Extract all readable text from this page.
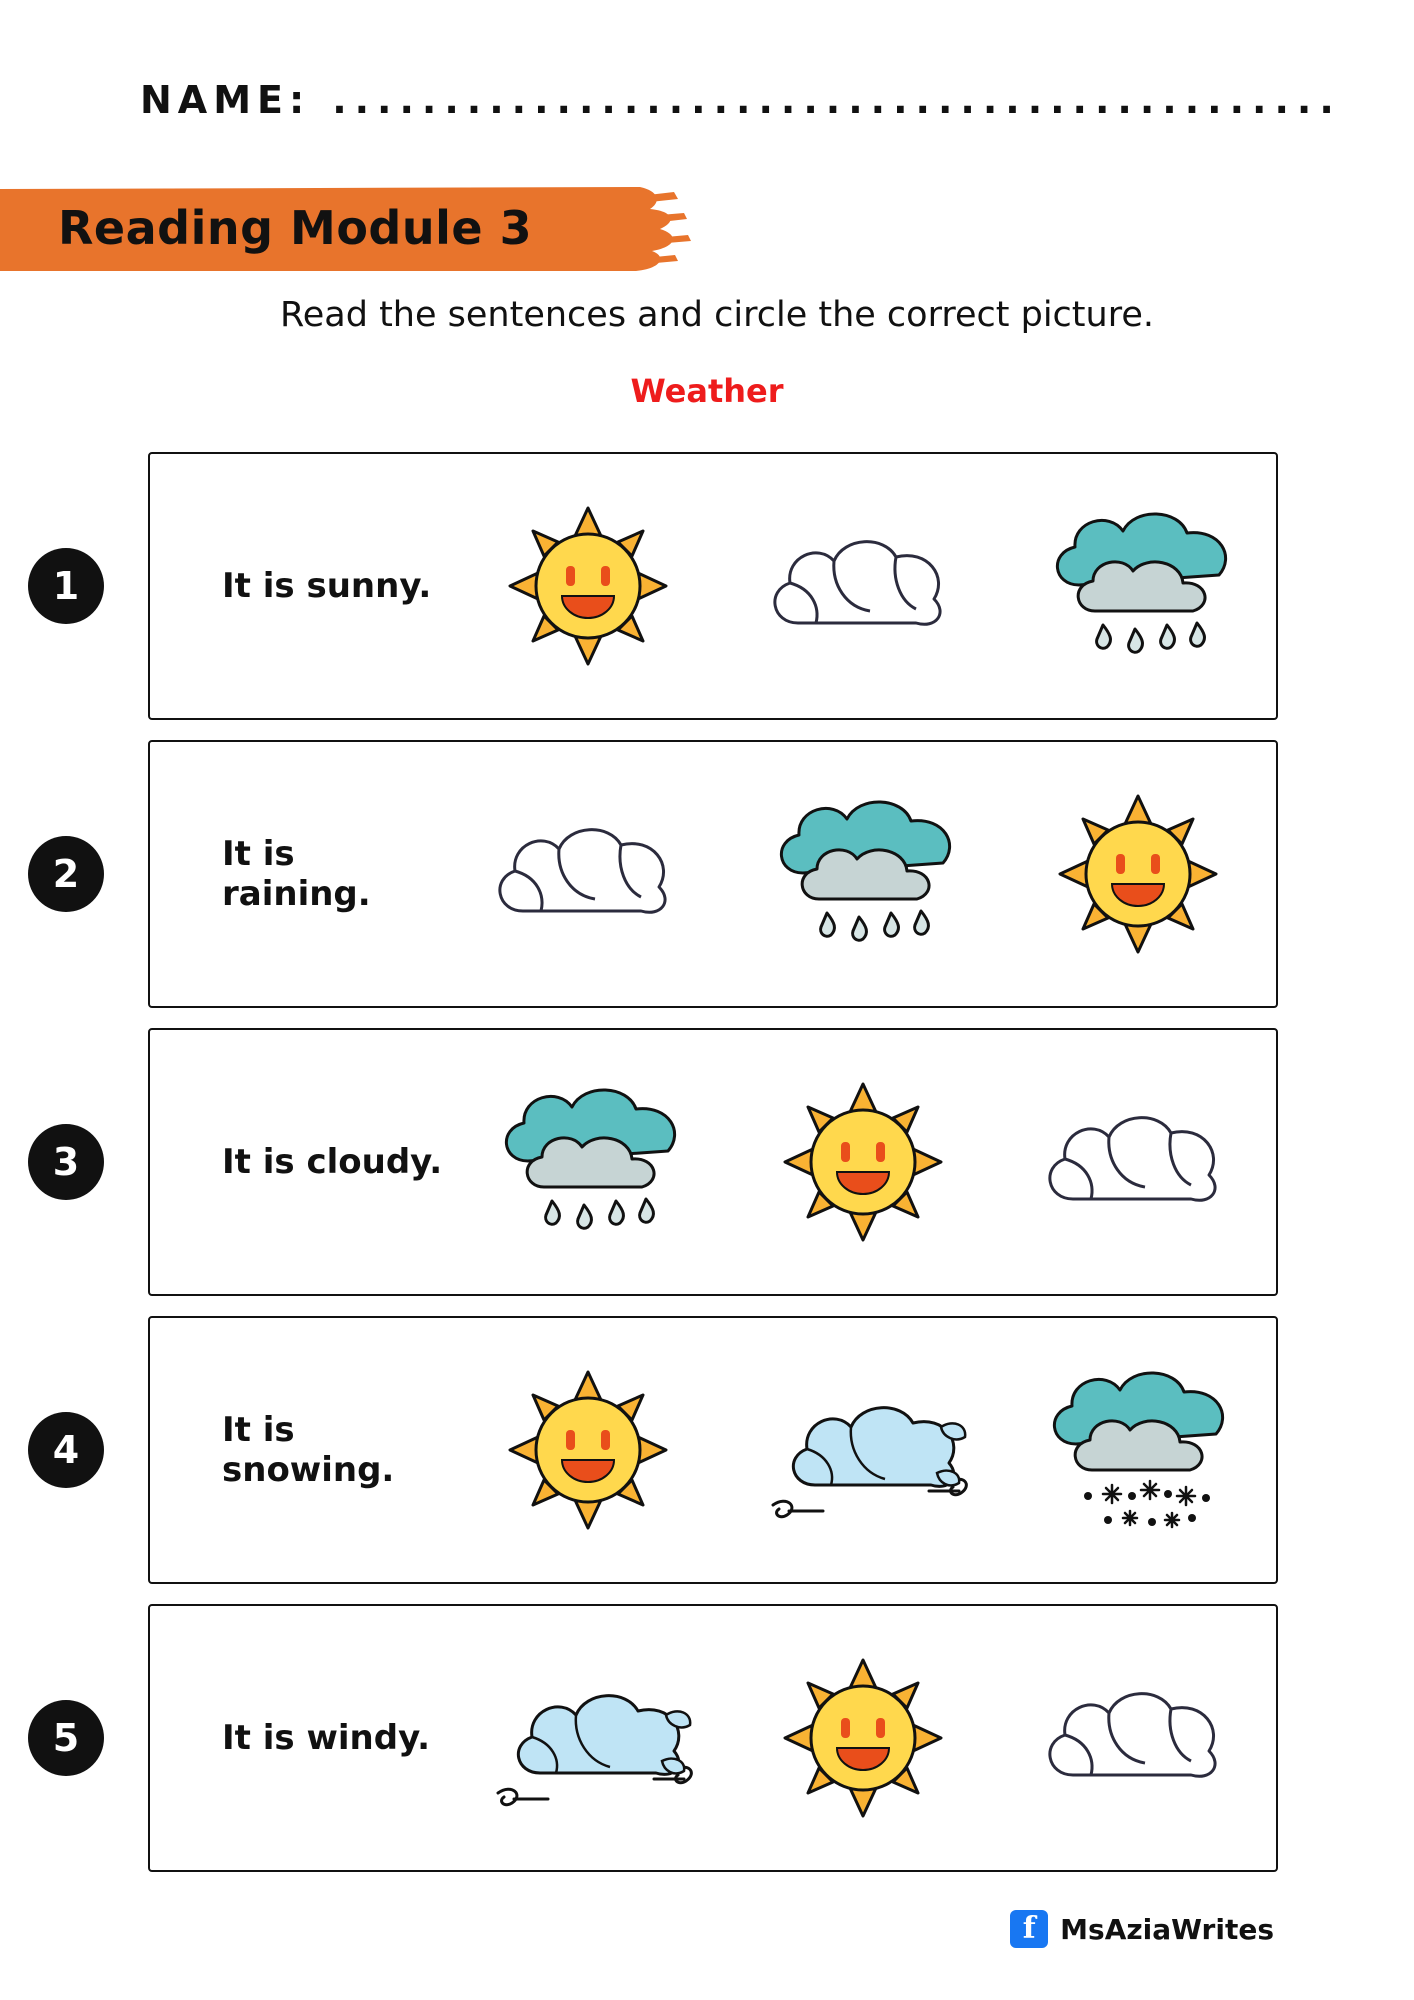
NAME: .............................................
Reading Module 3
Read the sentences and circle the correct picture.
Weather
1	It is sunny.
2	It is raining.
3	It is cloudy.
4	It is snowing.
5	It is windy.
f MsAziaWrites
